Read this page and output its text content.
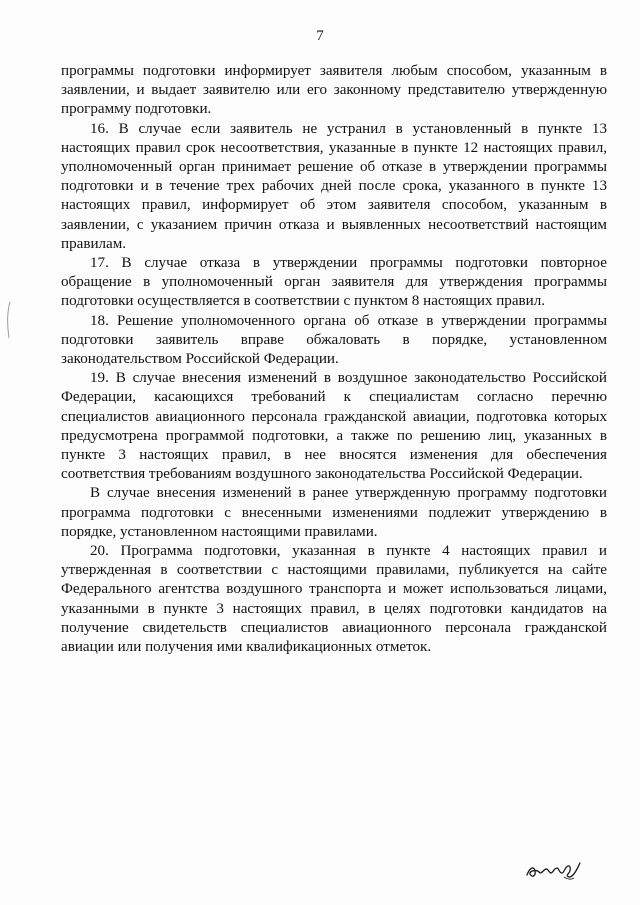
7

программы подготовки информирует заявителя любым способом, указанным в заявлении, и выдает заявителю или его законному представителю утвержденную программу подготовки.

16. В случае если заявитель не устранил в установленный в пункте 13 настоящих правил срок несоответствия, указанные в пункте 12 настоящих правил, уполномоченный орган принимает решение об отказе в утверждении программы подготовки и в течение трех рабочих дней после срока, указанного в пункте 13 настоящих правил, информирует об этом заявителя способом, указанным в заявлении, с указанием причин отказа и выявленных несоответствий настоящим правилам.

17. В случае отказа в утверждении программы подготовки повторное обращение в уполномоченный орган заявителя для утверждения программы подготовки осуществляется в соответствии с пунктом 8 настоящих правил.

18. Решение уполномоченного органа об отказе в утверждении программы подготовки заявитель вправе обжаловать в порядке, установленном законодательством Российской Федерации.

19. В случае внесения изменений в воздушное законодательство Российской Федерации, касающихся требований к специалистам согласно перечню специалистов авиационного персонала гражданской авиации, подготовка которых предусмотрена программой подготовки, а также по решению лиц, указанных в пункте 3 настоящих правил, в нее вносятся изменения для обеспечения соответствия требованиям воздушного законодательства Российской Федерации.

В случае внесения изменений в ранее утвержденную программу подготовки программа подготовки с внесенными изменениями подлежит утверждению в порядке, установленном настоящими правилами.

20. Программа подготовки, указанная в пункте 4 настоящих правил и утвержденная в соответствии с настоящими правилами, публикуется на сайте Федерального агентства воздушного транспорта и может использоваться лицами, указанными в пункте 3 настоящих правил, в целях подготовки кандидатов на получение свидетельств специалистов авиационного персонала гражданской авиации или получения ими квалификационных отметок.
